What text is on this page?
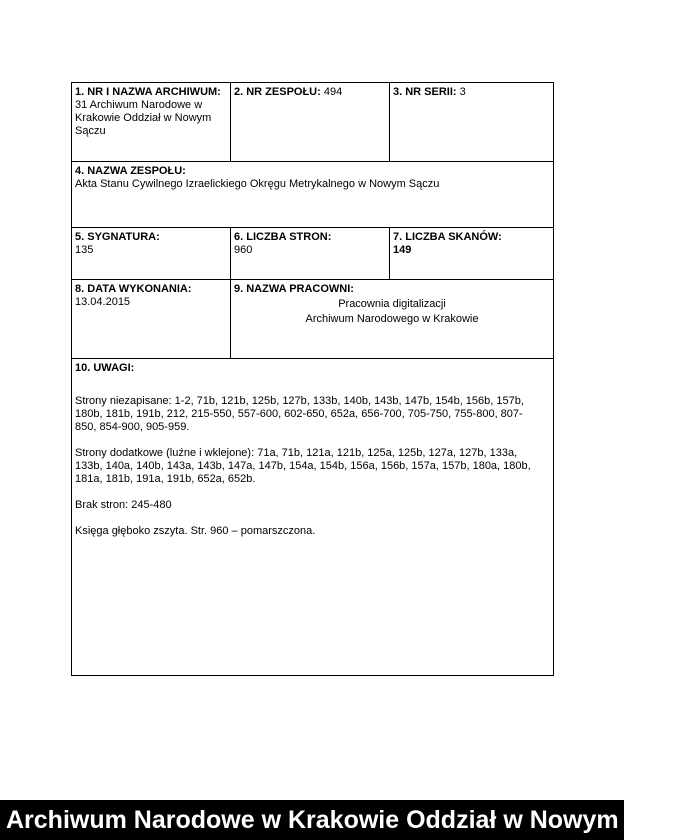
1. NR I NAZWA ARCHIWUM:
31 Archiwum Narodowe w Krakowie Oddział w Nowym Sączu
2. NR ZESPOŁU: 494	3. NR SERII: 3
4. NAZWA ZESPOŁU:
Akta Stanu Cywilnego Izraelickiego Okręgu Metrykalnego w Nowym Sączu
5. SYGNATURA:
135
6. LICZBA STRON:
960
7. LICZBA SKANÓW:
149
8. DATA WYKONANIA:
13.04.2015
9. NAZWA PRACOWNI:
Pracownia digitalizacji
Archiwum Narodowego w Krakowie
10. UWAGI:

Strony niezapisane: 1-2, 71b, 121b, 125b, 127b, 133b, 140b, 143b, 147b, 154b, 156b, 157b, 180b, 181b, 191b, 212, 215-550, 557-600, 602-650, 652a, 656-700, 705-750, 755-800, 807-850, 854-900, 905-959.

Strony dodatkowe (luźne i wklejone): 71a, 71b, 121a, 121b, 125a, 125b, 127a, 127b, 133a, 133b, 140a, 140b, 143a, 143b, 147a, 147b, 154a, 154b, 156a, 156b, 157a, 157b, 180a, 180b, 181a, 181b, 191a, 191b, 652a, 652b.

Brak stron: 245-480

Księga głęboko zszyta. Str. 960 – pomarszczona.

Archiwum Narodowe w Krakowie Oddział w Nowym Sączu
